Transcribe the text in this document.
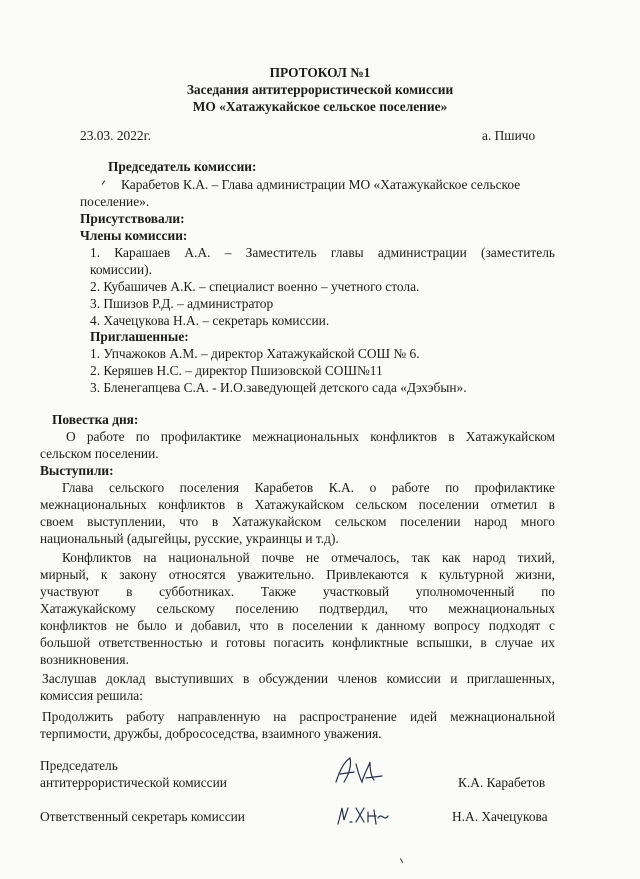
ПРОТОКОЛ №1
Заседания антитеррористической комиссии
МО «Хатажукайское сельское поселение»
23.03. 2022г.	а. Пшичо
Председатель комиссии:
Карабетов К.А. – Глава администрации МО «Хатажукайское сельское
поселение».
Присутствовали:
Члены комиссии:
1. Карашаев А.А. – Заместитель главы администрации (заместитель
комиссии).
2. Кубашичев А.К. – специалист военно – учетного стола.
3. Пшизов Р.Д. – администратор
4. Хачецукова Н.А. – секретарь комиссии.
Приглашенные:
1. Упчажоков А.М. – директор Хатажукайской СОШ № 6.
2. Керяшев Н.С. – директор Пшизовской СОШ№11
3. Бленегапцева С.А. - И.О.заведующей детского сада «Дэхэбын».
Повестка дня:
О работе по профилактике межнациональных конфликтов в Хатажукайском
сельском поселении.
Выступили:
Глава сельского поселения Карабетов К.А. о работе по профилактике
межнациональных конфликтов в Хатажукайском сельском поселении отметил в
своем выступлении, что в Хатажукайском сельском поселении народ много
национальный (адыгейцы, русские, украинцы и т.д).
Конфликтов на национальной почве не отмечалось, так как народ тихий,
мирный, к закону относятся уважительно. Привлекаются к культурной жизни,
участвуют в субботниках. Также участковый уполномоченный по
Хатажукайскому сельскому поселению подтвердил, что межнациональных
конфликтов не было и добавил, что в поселении к данному вопросу подходят с
большой ответственностью и готовы погасить конфликтные вспышки, в случае их
возникновения.
Заслушав доклад выступивших в обсуждении членов комиссии и приглашенных,
комиссия решила:
Продолжить работу направленную на распространение идей межнациональной
терпимости, дружбы, добрососедства, взаимного уважения.
Председатель
антитеррористической комиссии	К.А. Карабетов
Ответственный секретарь комиссии	Н.А. Хачецукова
